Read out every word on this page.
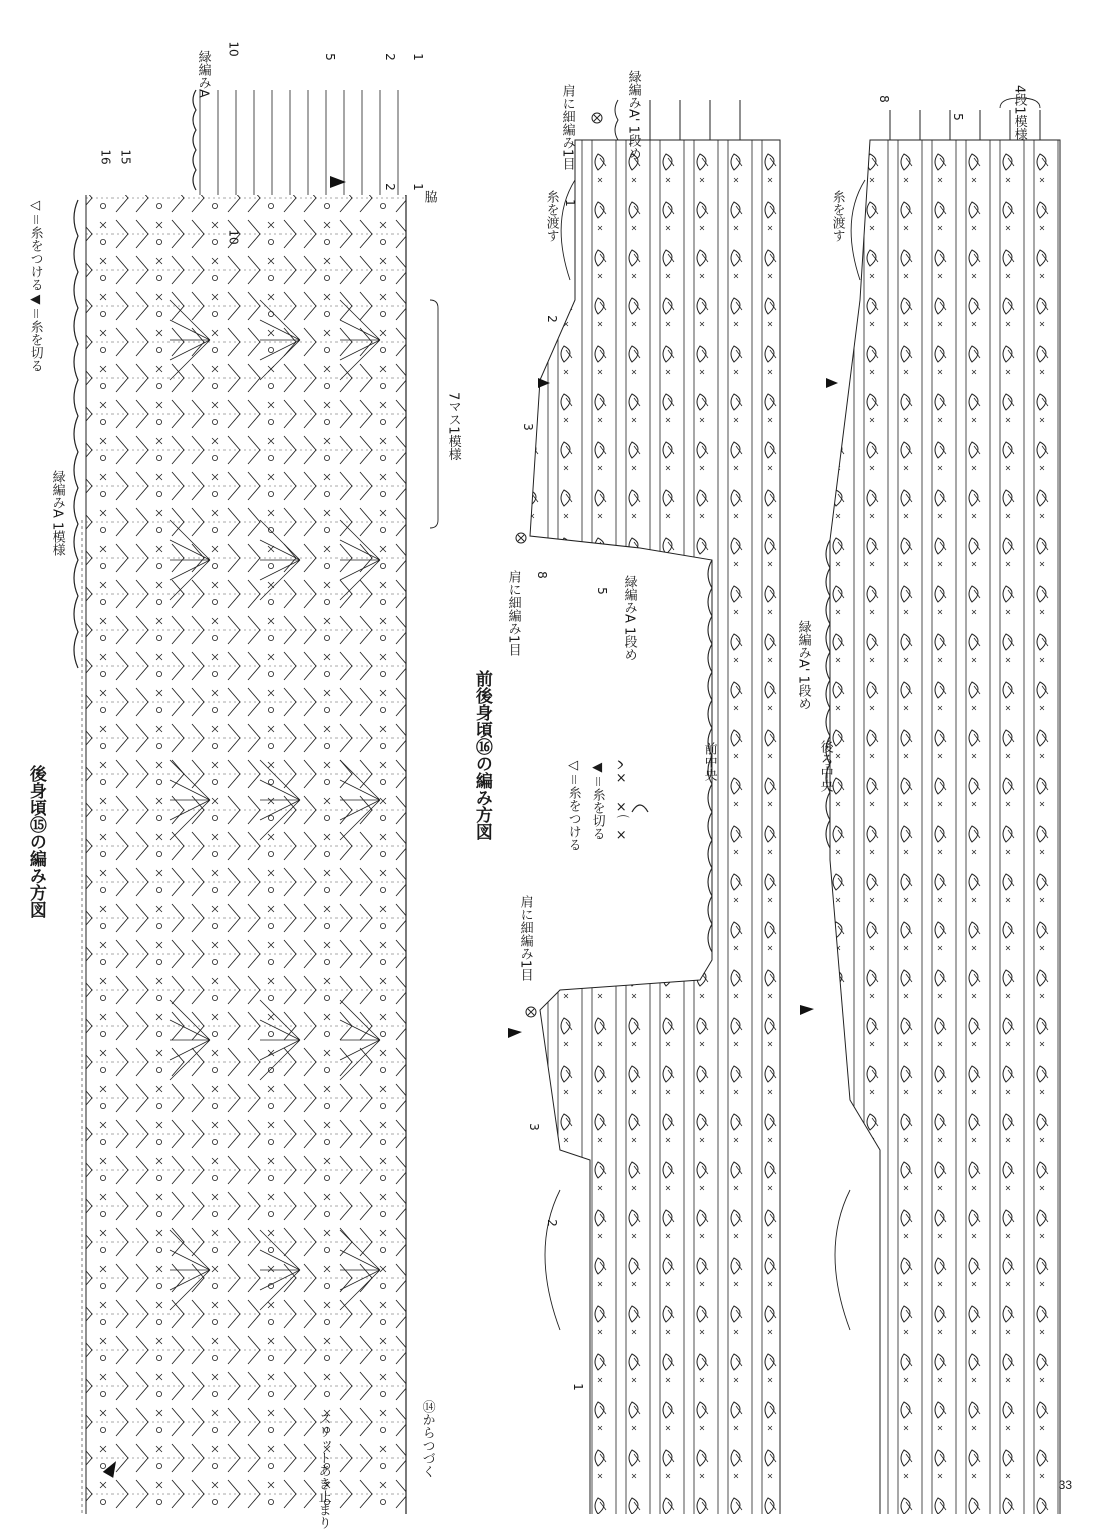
後身頃⑮の編み方図
前後身頃⑯の編み方図
◁＝糸をつける
◀＝糸を切る
緑編みA 1模様
7マス1模様
緑編みA
脇
スリットあき止まり	⑭からつづく
1
2
5
10
15
16
1
2
10
◁＝糸をつける ◀＝糸を切る ᨈ×
×⌒×
肩に細編み1目
肩に細編み1目
肩に細編み1目
緑編みA' 1段め
緑編みA 1段め
前中央	後ろ中央
緑編みA' 1段め
糸を渡す	糸を渡す
4段1模様
1
2
3
5
8
1
2
3
5
8
33
